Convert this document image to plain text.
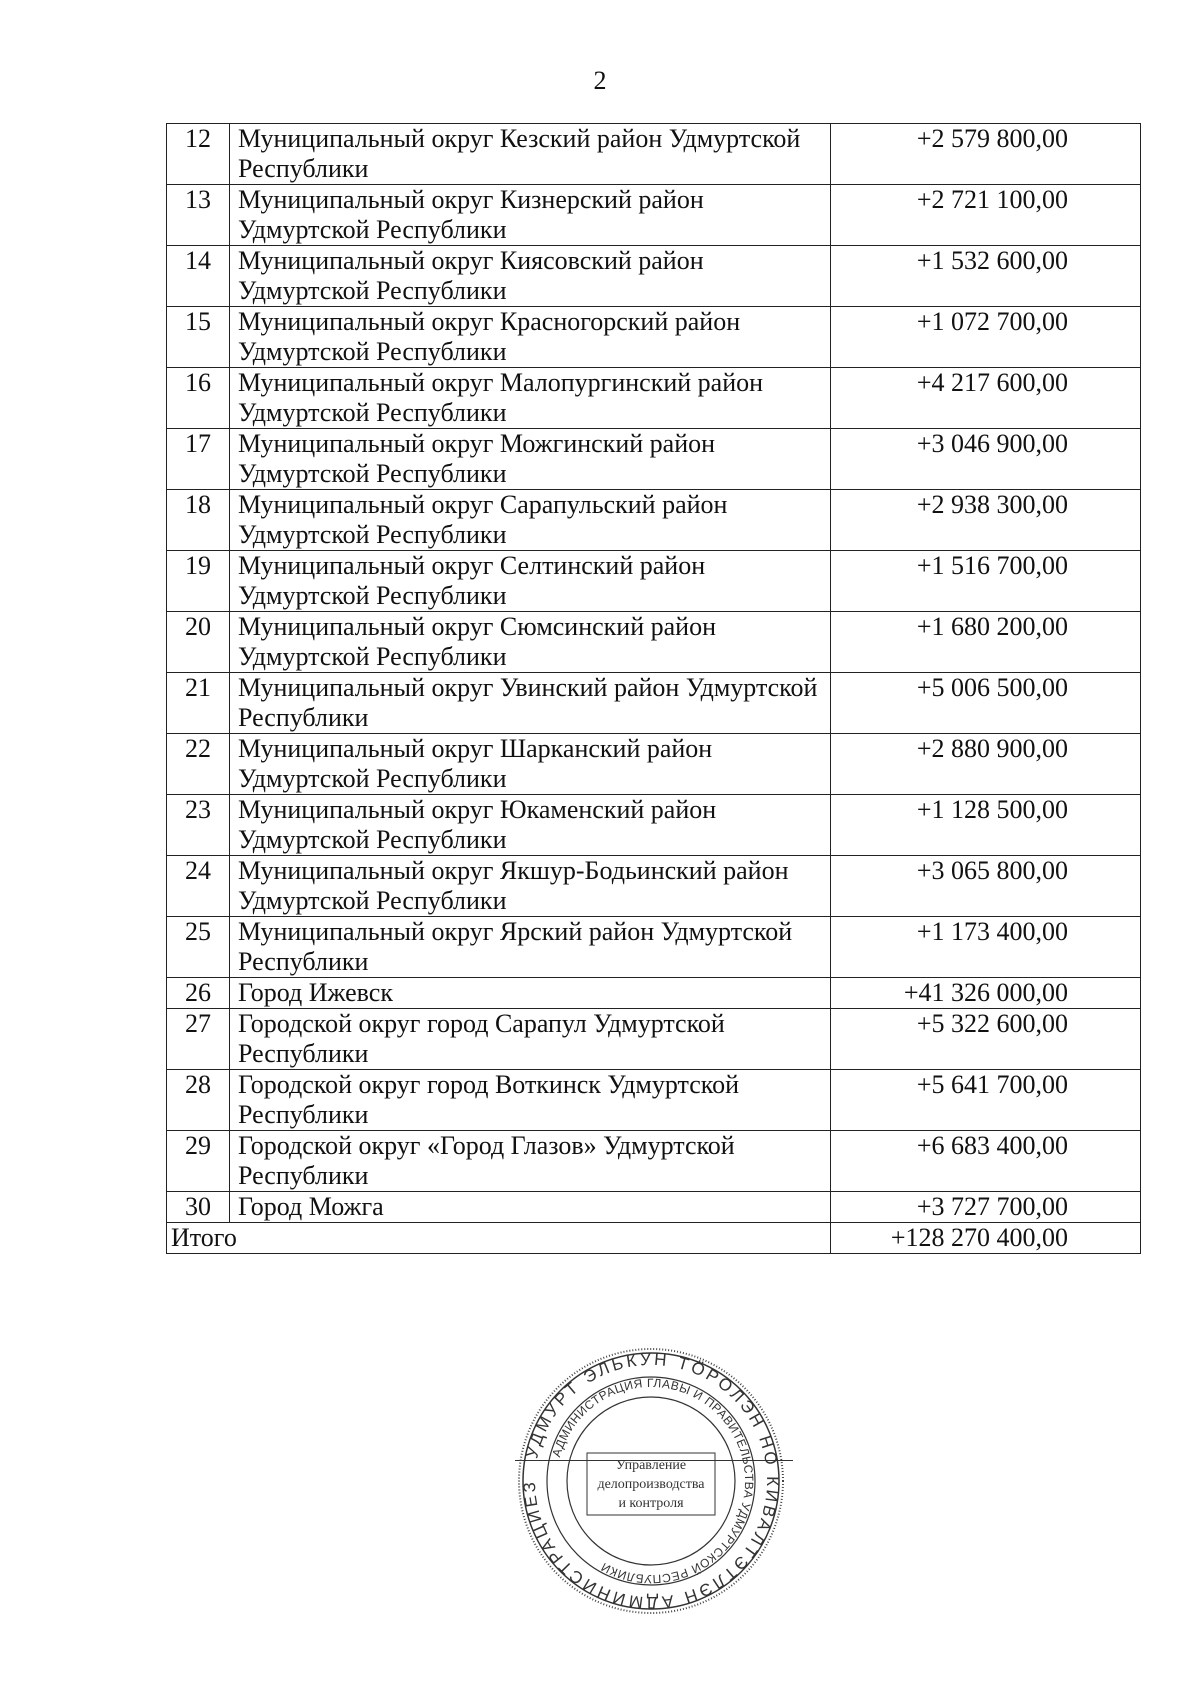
2
12	Муниципальный округ Кезский район Удмуртской Республики	+2 579 800,00
13	Муниципальный округ Кизнерский район Удмуртской Республики	+2 721 100,00
14	Муниципальный округ Киясовский район Удмуртской Республики	+1 532 600,00
15	Муниципальный округ Красногорский район Удмуртской Республики	+1 072 700,00
16	Муниципальный округ Малопургинский район Удмуртской Республики	+4 217 600,00
17	Муниципальный округ Можгинский район Удмуртской Республики	+3 046 900,00
18	Муниципальный округ Сарапульский район Удмуртской Республики	+2 938 300,00
19	Муниципальный округ Селтинский район Удмуртской Республики	+1 516 700,00
20	Муниципальный округ Сюмсинский район Удмуртской Республики	+1 680 200,00
21	Муниципальный округ Увинский район Удмуртской Республики	+5 006 500,00
22	Муниципальный округ Шарканский район Удмуртской Республики	+2 880 900,00
23	Муниципальный округ Юкаменский район Удмуртской Республики	+1 128 500,00
24	Муниципальный округ Якшур-Бодьинский район Удмуртской Республики	+3 065 800,00
25	Муниципальный округ Ярский район Удмуртской Республики	+1 173 400,00
26	Город Ижевск	+41 326 000,00
27	Городской округ город Сарапул Удмуртской Республики	+5 322 600,00
28	Городской округ город Воткинск Удмуртской Республики	+5 641 700,00
29	Городской округ «Город Глазов» Удмуртской Республики	+6 683 400,00
30	Город Можга	+3 727 700,00
Итого		+128 270 400,00
УДМУРТ ЭЛЬКУН ТӦРОЛЭН НО КИВАЛТЭТЛЭН АДМИНИСТРАЦИЕЗ
АДМИНИСТРАЦИЯ ГЛАВЫ И ПРАВИТЕЛЬСТВА УДМУРТСКОЙ РЕСПУБЛИКИ
Управление
делопроизводства
и контроля
